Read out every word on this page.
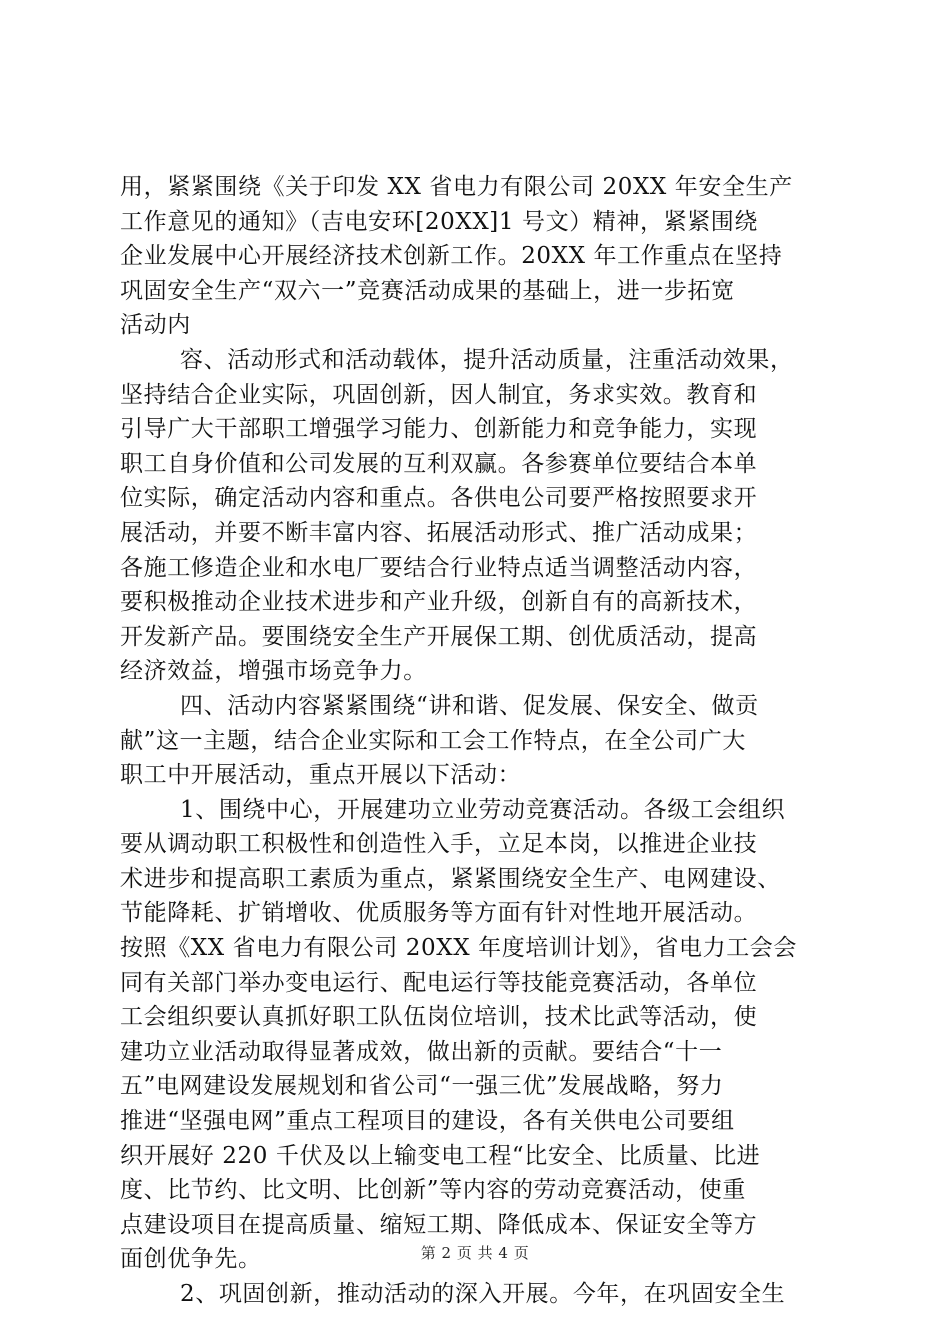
用，紧紧围绕《关于印发 XX 省电力有限公司 20XX 年安全生产
工作意见的通知》（吉电安环[20XX]1 号文）精神，紧紧围绕
企业发展中心开展经济技术创新工作。20XX 年工作重点在坚持
巩固安全生产“双六一”竞赛活动成果的基础上，进一步拓宽
活动内
容、活动形式和活动载体，提升活动质量，注重活动效果，
坚持结合企业实际，巩固创新，因人制宜，务求实效。教育和
引导广大干部职工增强学习能力、创新能力和竞争能力，实现
职工自身价值和公司发展的互利双赢。各参赛单位要结合本单
位实际，确定活动内容和重点。各供电公司要严格按照要求开
展活动，并要不断丰富内容、拓展活动形式、推广活动成果；
各施工修造企业和水电厂要结合行业特点适当调整活动内容，
要积极推动企业技术进步和产业升级，创新自有的高新技术，
开发新产品。要围绕安全生产开展保工期、创优质活动，提高
经济效益，增强市场竞争力。
四、活动内容紧紧围绕“讲和谐、促发展、保安全、做贡
献”这一主题，结合企业实际和工会工作特点，在全公司广大
职工中开展活动，重点开展以下活动：
1、围绕中心，开展建功立业劳动竞赛活动。各级工会组织
要从调动职工积极性和创造性入手，立足本岗，以推进企业技
术进步和提高职工素质为重点，紧紧围绕安全生产、电网建设、
节能降耗、扩销增收、优质服务等方面有针对性地开展活动。
按照《XX 省电力有限公司 20XX 年度培训计划》，省电力工会会
同有关部门举办变电运行、配电运行等技能竞赛活动，各单位
工会组织要认真抓好职工队伍岗位培训，技术比武等活动，使
建功立业活动取得显著成效，做出新的贡献。要结合“十一
五”电网建设发展规划和省公司“一强三优”发展战略，努力
推进“坚强电网”重点工程项目的建设，各有关供电公司要组
织开展好 220 千伏及以上输变电工程“比安全、比质量、比进
度、比节约、比文明、比创新”等内容的劳动竞赛活动，使重
点建设项目在提高质量、缩短工期、降低成本、保证安全等方
面创优争先。
2、巩固创新，推动活动的深入开展。今年，在巩固安全生
第 2 页 共 4 页
